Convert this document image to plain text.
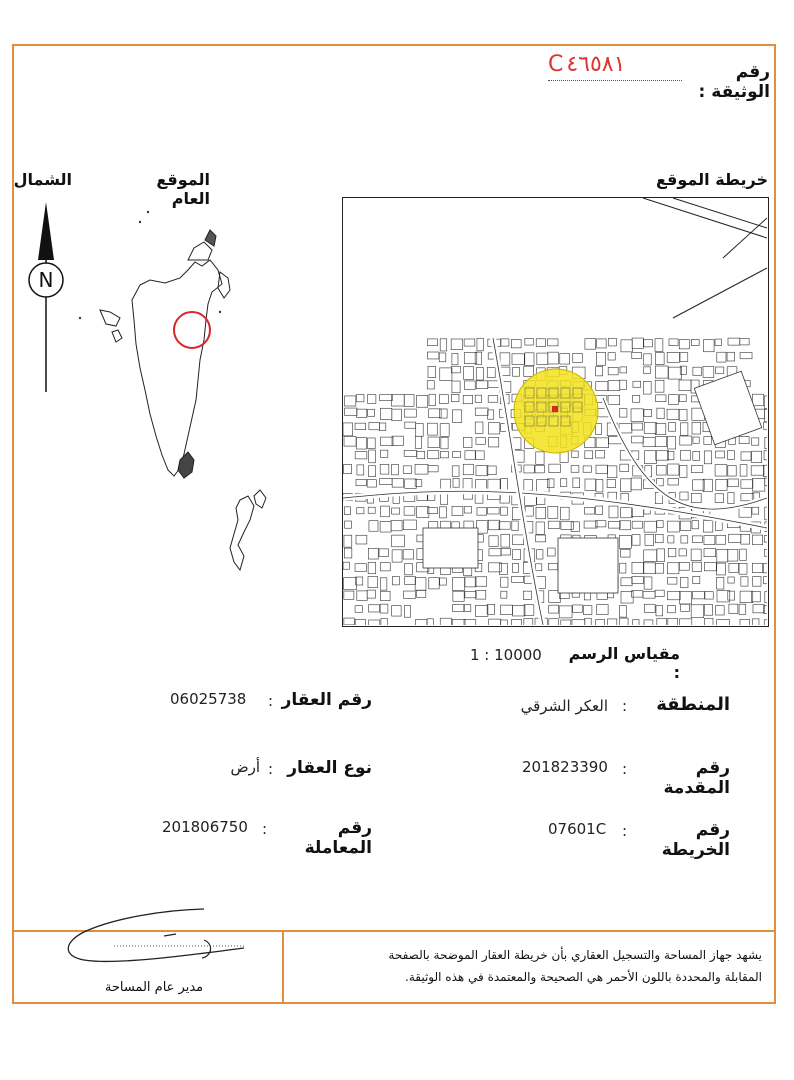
رقم الوثيقة :
C٤٦٥٨١
خريطة الموقع
الموقع العام
الشمال
N
مقياس الرسم :
1 : 10000
المنطقة
:
العكر الشرقي
رقم العقار
:
06025738
رقم المقدمة
:
201823390
نوع العقار
:
أرض
رقم الخريطة
:
07601C
رقم المعاملة
:
201806750
مدير عام المساحة
يشهد جهاز المساحة والتسجيل العقاري بأن خريطة العقار الموضحة بالصفحة
المقابلة والمحددة باللون الأحمر هي الصحيحة والمعتمدة في هذه الوثيقة.
